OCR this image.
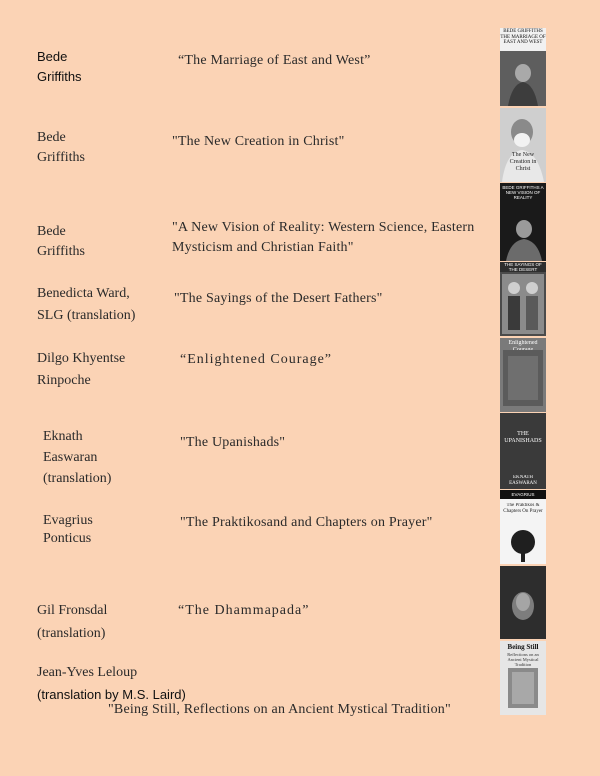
Bede
Griffiths
“The Marriage of East and West”
Bede
Griffiths
"The New Creation in Christ"
Bede
Griffiths
"A New Vision of Reality: Western Science, Eastern
Mysticism and Christian Faith"
Benedicta Ward,
SLG (translation)
"The Sayings of the Desert Fathers"
Dilgo Khyentse
Rinpoche
“Enlightened Courage”
Eknath
Easwaran
(translation)
"The Upanishads"
Evagrius
Ponticus
"The Praktikosand and Chapters on Prayer"
Gil Fronsdal
(translation)
“The Dhammapada”
Jean-Yves Leloup
(translation by M.S. Laird)
"Being Still, Reflections on an Ancient Mystical Tradition"
BEDE GRIFFITHS THE MARRIAGE OF EAST AND WEST
The New Creation in Christ
BEDE GRIFFITHS A NEW VISION OF REALITY
THE SAYINGS OF THE DESERT
Enlightened
THE UPANISHADS
EKNATH EASWARAN
EVAGRIUS
The Praktikos & Chapters On Prayer
Being Still
Reflections on an Ancient Mystical Tradition
